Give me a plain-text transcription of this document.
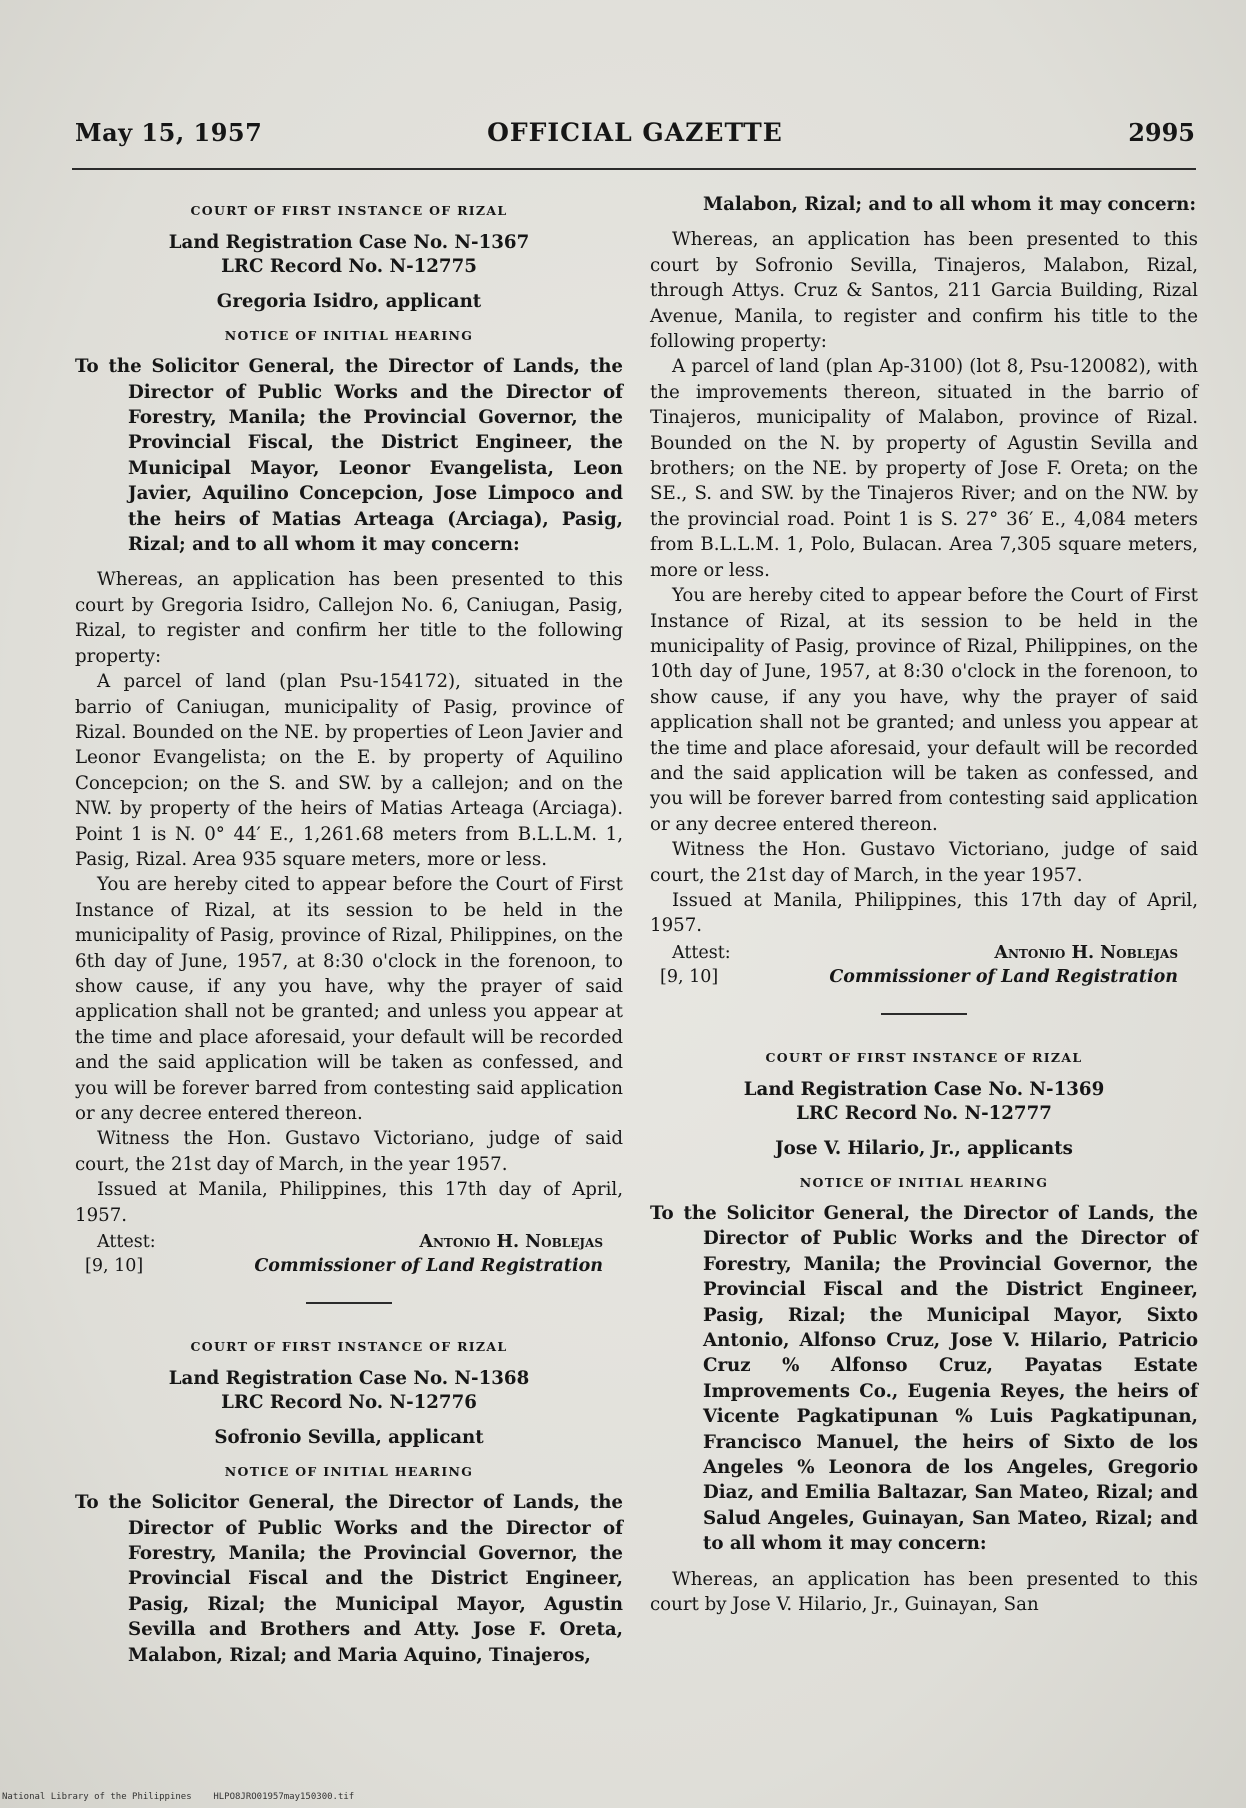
May 15, 1957	OFFICIAL GAZETTE	2995
COURT OF FIRST INSTANCE OF RIZAL
Land Registration Case No. N-1367
LRC Record No. N-12775
Gregoria Isidro, applicant
NOTICE OF INITIAL HEARING

To the Solicitor General, the Director of Lands, the Director of Public Works and the Director of Forestry, Manila; the Provincial Governor, the Provincial Fiscal, the District Engineer, the Municipal Mayor, Leonor Evangelista, Leon Javier, Aquilino Concepcion, Jose Limpoco and the heirs of Matias Arteaga (Arciaga), Pasig, Rizal; and to all whom it may concern:

Whereas, an application has been presented to this court by Gregoria Isidro, Callejon No. 6, Caniugan, Pasig, Rizal, to register and confirm her title to the following property:

A parcel of land (plan Psu-154172), situated in the barrio of Caniugan, municipality of Pasig, province of Rizal. Bounded on the NE. by properties of Leon Javier and Leonor Evangelista; on the E. by property of Aquilino Concepcion; on the S. and SW. by a callejon; and on the NW. by property of the heirs of Matias Arteaga (Arciaga). Point 1 is N. 0° 44′ E., 1,261.68 meters from B.L.L.M. 1, Pasig, Rizal. Area 935 square meters, more or less.

You are hereby cited to appear before the Court of First Instance of Rizal, at its session to be held in the municipality of Pasig, province of Rizal, Philippines, on the 6th day of June, 1957, at 8:30 o'clock in the forenoon, to show cause, if any you have, why the prayer of said application shall not be granted; and unless you appear at the time and place aforesaid, your default will be recorded and the said application will be taken as confessed, and you will be forever barred from contesting said application or any decree entered thereon.

Witness the Hon. Gustavo Victoriano, judge of said court, the 21st day of March, in the year 1957.

Issued at Manila, Philippines, this 17th day of April, 1957.

Attest:
[9, 10]
Antonio H. Noblejas
Commissioner of Land Registration
COURT OF FIRST INSTANCE OF RIZAL
Land Registration Case No. N-1368
LRC Record No. N-12776
Sofronio Sevilla, applicant
NOTICE OF INITIAL HEARING

To the Solicitor General, the Director of Lands, the Director of Public Works and the Director of Forestry, Manila; the Provincial Governor, the Provincial Fiscal and the District Engineer, Pasig, Rizal; the Municipal Mayor, Agustin Sevilla and Brothers and Atty. Jose F. Oreta, Malabon, Rizal; and Maria Aquino, Tinajeros,

Malabon, Rizal; and to all whom it may concern:

Whereas, an application has been presented to this court by Sofronio Sevilla, Tinajeros, Malabon, Rizal, through Attys. Cruz & Santos, 211 Garcia Building, Rizal Avenue, Manila, to register and confirm his title to the following property:

A parcel of land (plan Ap-3100) (lot 8, Psu-120082), with the improvements thereon, situated in the barrio of Tinajeros, municipality of Malabon, province of Rizal. Bounded on the N. by property of Agustin Sevilla and brothers; on the NE. by property of Jose F. Oreta; on the SE., S. and SW. by the Tinajeros River; and on the NW. by the provincial road. Point 1 is S. 27° 36′ E., 4,084 meters from B.L.L.M. 1, Polo, Bulacan. Area 7,305 square meters, more or less.

You are hereby cited to appear before the Court of First Instance of Rizal, at its session to be held in the municipality of Pasig, province of Rizal, Philippines, on the 10th day of June, 1957, at 8:30 o'clock in the forenoon, to show cause, if any you have, why the prayer of said application shall not be granted; and unless you appear at the time and place aforesaid, your default will be recorded and the said application will be taken as confessed, and you will be forever barred from contesting said application or any decree entered thereon.

Witness the Hon. Gustavo Victoriano, judge of said court, the 21st day of March, in the year 1957.

Issued at Manila, Philippines, this 17th day of April, 1957.

Attest:
[9, 10]
Antonio H. Noblejas
Commissioner of Land Registration
COURT OF FIRST INSTANCE OF RIZAL
Land Registration Case No. N-1369
LRC Record No. N-12777
Jose V. Hilario, Jr., applicants
NOTICE OF INITIAL HEARING

To the Solicitor General, the Director of Lands, the Director of Public Works and the Director of Forestry, Manila; the Provincial Governor, the Provincial Fiscal and the District Engineer, Pasig, Rizal; the Municipal Mayor, Sixto Antonio, Alfonso Cruz, Jose V. Hilario, Patricio Cruz % Alfonso Cruz, Payatas Estate Improvements Co., Eugenia Reyes, the heirs of Vicente Pagkatipunan % Luis Pagkatipunan, Francisco Manuel, the heirs of Sixto de los Angeles % Leonora de los Angeles, Gregorio Diaz, and Emilia Baltazar, San Mateo, Rizal; and Salud Angeles, Guinayan, San Mateo, Rizal; and to all whom it may concern:

Whereas, an application has been presented to this court by Jose V. Hilario, Jr., Guinayan, San

National Library of the Philippines    HLPO8JRO01957may150300.tif
